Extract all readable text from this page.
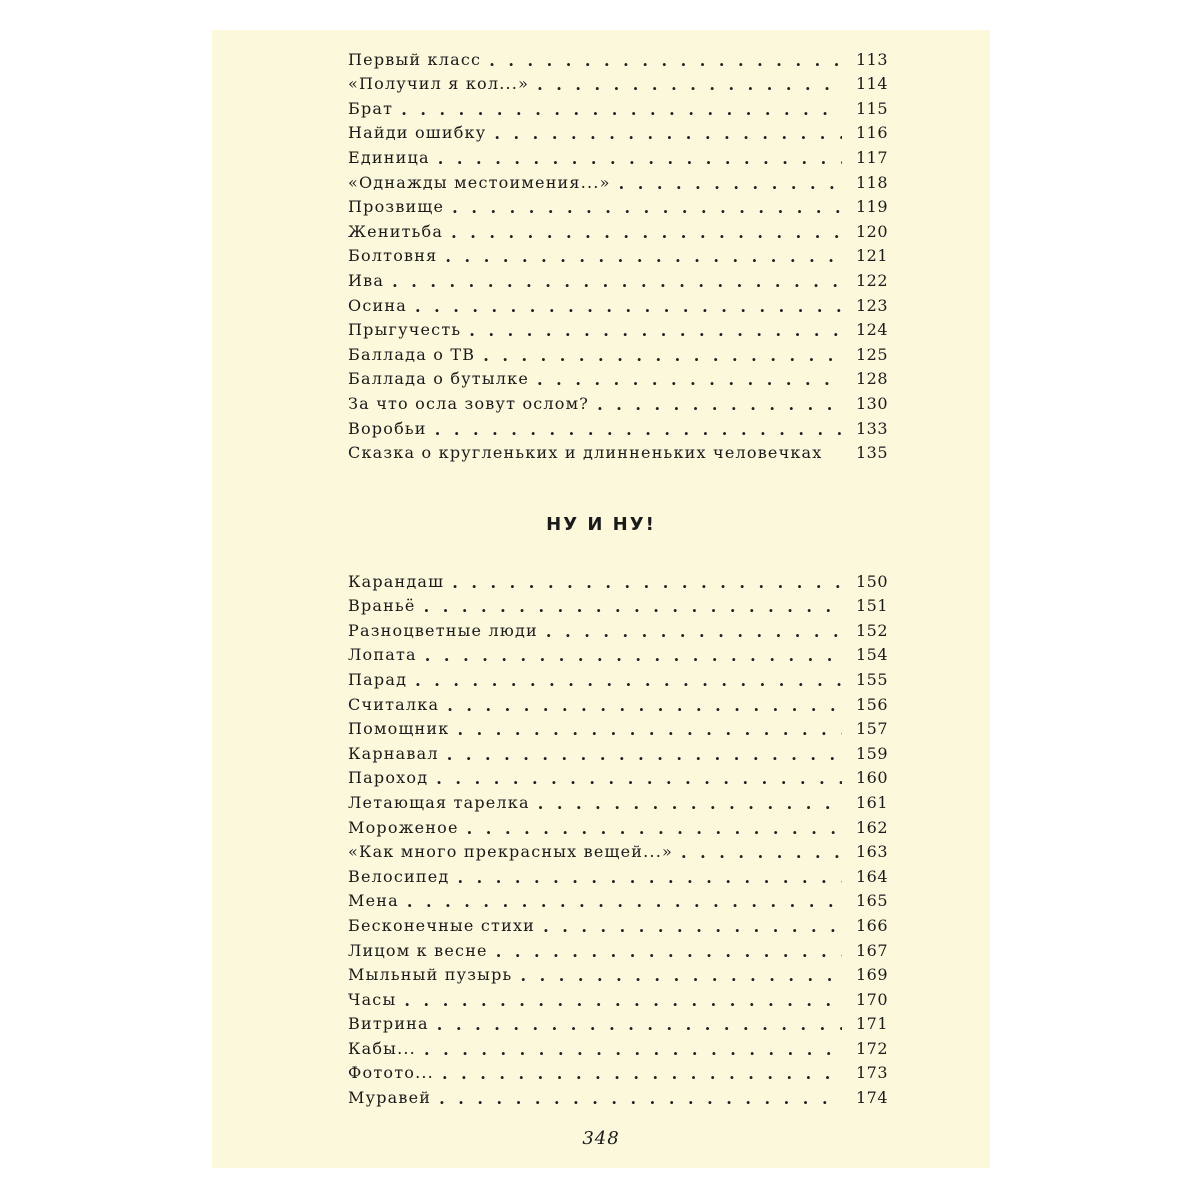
Первый класс . . .	113
«Получил я кол...» . . .	114
Брат . . .	115
Найди ошибку . . .	116
Единица . . .	117
«Однажды местоимения...» . . .	118
Прозвище . . .	119
Женитьба . . .	120
Болтовня . . .	121
Ива . . .	122
Осина . . .	123
Прыгучесть . . .	124
Баллада о ТВ . . .	125
Баллада о бутылке . . .	128
За что осла зовут ослом? . . .	130
Воробьи . . .	133
Сказка о кругленьких и длинненьких человечках	135
НУ И НУ!
Карандаш . . .	150
Враньё . . .	151
Разноцветные люди . . .	152
Лопата . . .	154
Парад . . .	155
Считалка . . .	156
Помощник . . .	157
Карнавал . . .	159
Пароход . . .	160
Летающая тарелка . . .	161
Мороженое . . .	162
«Как много прекрасных вещей...» . . .	163
Велосипед . . .	164
Мена . . .	165
Бесконечные стихи . . .	166
Лицом к весне . . .	167
Мыльный пузырь . . .	169
Часы . . .	170
Витрина . . .	171
Кабы... . . .	172
Фотото... . . .	173
Муравей . . .	174
348
